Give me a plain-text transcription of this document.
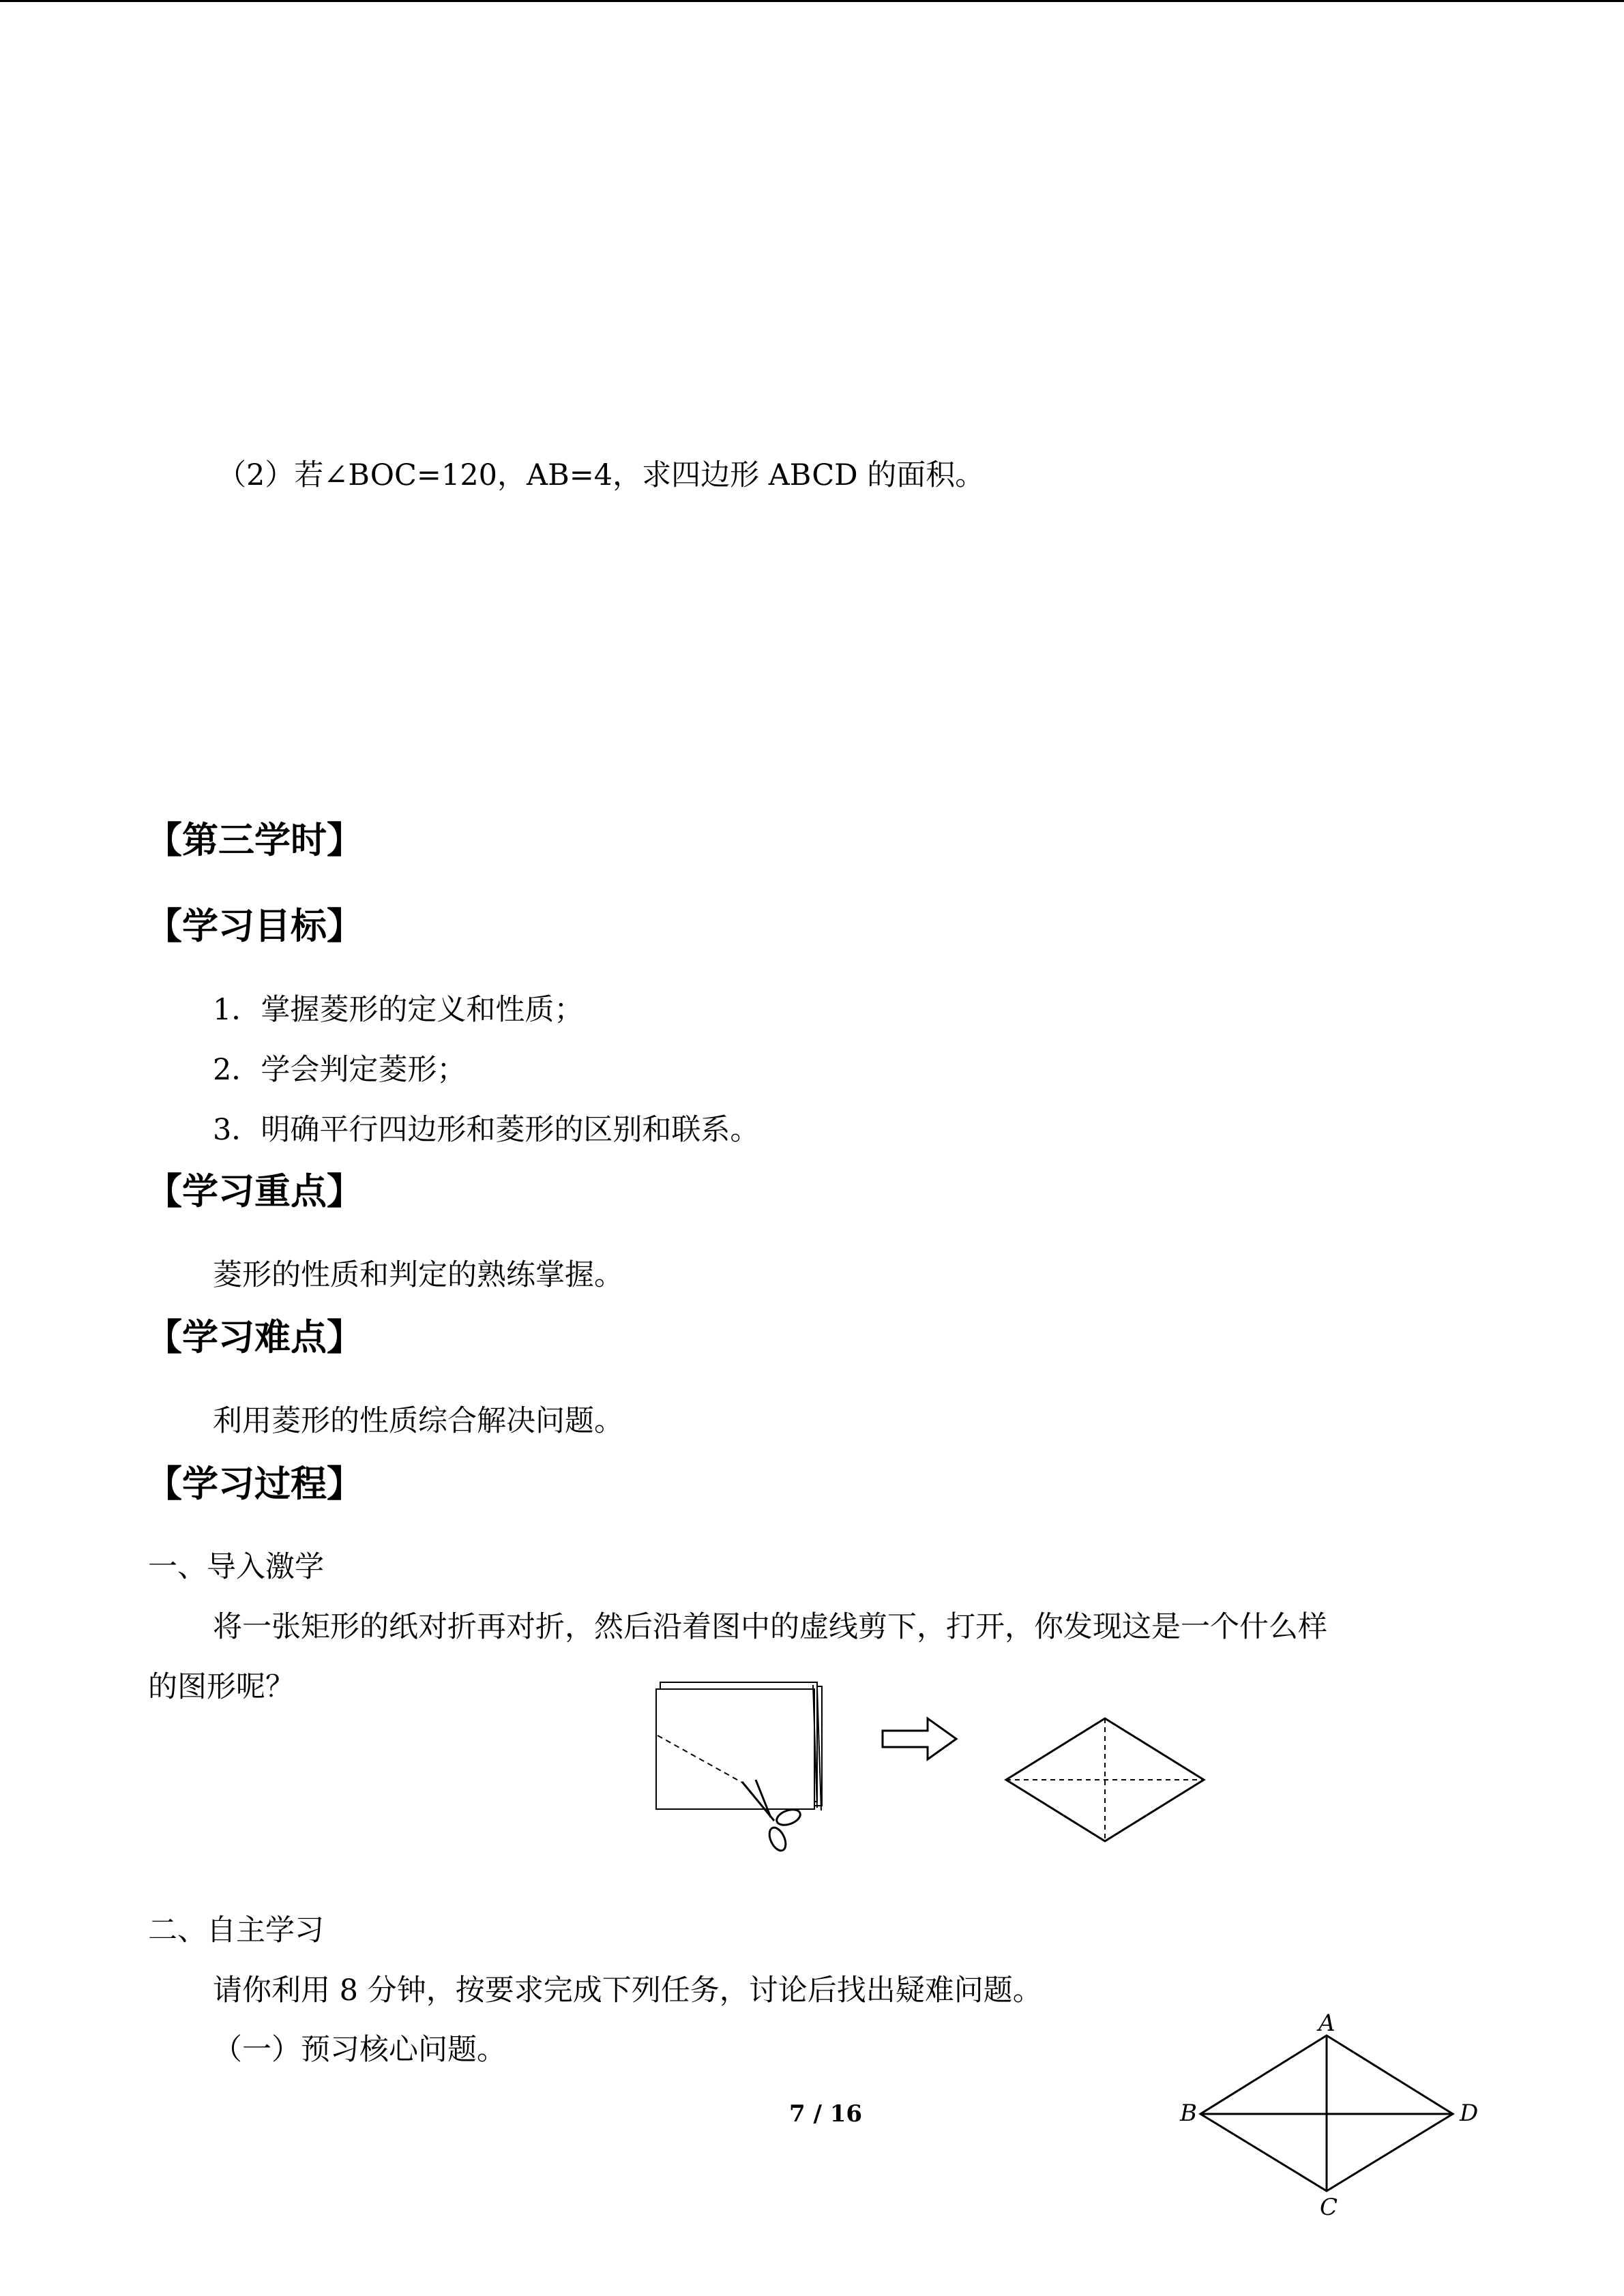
（2）若∠BOC=120，AB=4，求四边形 ABCD 的面积。
【第三学时】
【学习目标】
1．掌握菱形的定义和性质；
2．学会判定菱形；
3．明确平行四边形和菱形的区别和联系。
【学习重点】
菱形的性质和判定的熟练掌握。
【学习难点】
利用菱形的性质综合解决问题。
【学习过程】
一、导入激学
将一张矩形的纸对折再对折，然后沿着图中的虚线剪下，打开，你发现这是一个什么样
的图形呢？
二、自主学习
请你利用 8 分钟，按要求完成下列任务，讨论后找出疑难问题。
（一）预习核心问题。
A
B
C
D
7 / 16
